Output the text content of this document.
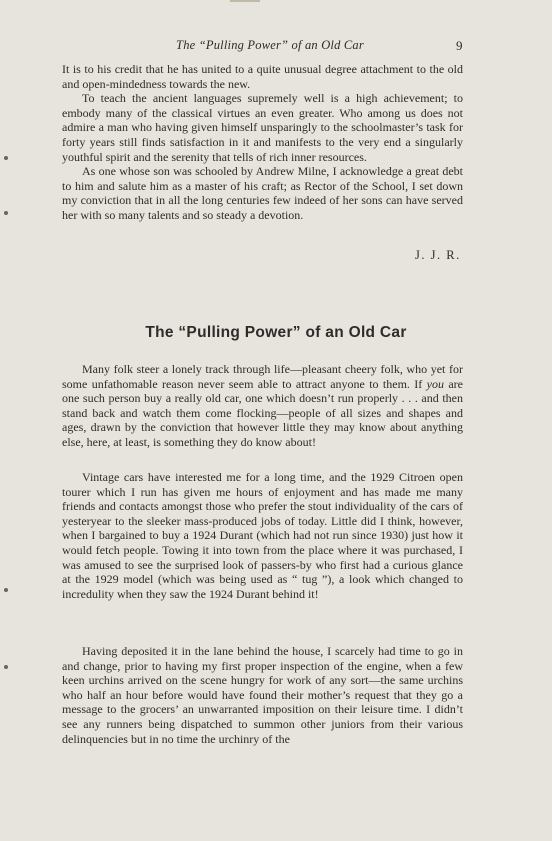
The “Pulling Power” of an Old Car	9

It is to his credit that he has united to a quite unusual degree attachment to the old and open-mindedness towards the new.

To teach the ancient languages supremely well is a high achievement; to embody many of the classical virtues an even greater. Who among us does not admire a man who having given himself unsparingly to the schoolmaster’s task for forty years still finds satisfaction in it and manifests to the very end a singularly youthful spirit and the serenity that tells of rich inner resources.

As one whose son was schooled by Andrew Milne, I acknowledge a great debt to him and salute him as a master of his craft; as Rector of the School, I set down my conviction that in all the long centuries few indeed of her sons can have served her with so many talents and so steady a devotion.

J. J. R.
The “Pulling Power” of an Old Car

Many folk steer a lonely track through life—pleasant cheery folk, who yet for some unfathomable reason never seem able to attract anyone to them. If you are one such person buy a really old car, one which doesn’t run properly . . . and then stand back and watch them come flocking—people of all sizes and shapes and ages, drawn by the conviction that however little they may know about anything else, here, at least, is something they do know about!

Vintage cars have interested me for a long time, and the 1929 Citroen open tourer which I run has given me hours of enjoyment and has made me many friends and contacts amongst those who prefer the stout individuality of the cars of yesteryear to the sleeker mass-produced jobs of today. Little did I think, however, when I bargained to buy a 1924 Durant (which had not run since 1930) just how it would fetch people. Towing it into town from the place where it was purchased, I was amused to see the surprised look of passers-by who first had a curious glance at the 1929 model (which was being used as “ tug ”), a look which changed to incredulity when they saw the 1924 Durant behind it!

Having deposited it in the lane behind the house, I scarcely had time to go in and change, prior to having my first proper inspection of the engine, when a few keen urchins arrived on the scene hungry for work of any sort—the same urchins who half an hour before would have found their mother’s request that they go a message to the grocers’ an unwarranted imposition on their leisure time. I didn’t see any runners being dispatched to summon other juniors from their various delinquencies but in no time the urchinry of the
